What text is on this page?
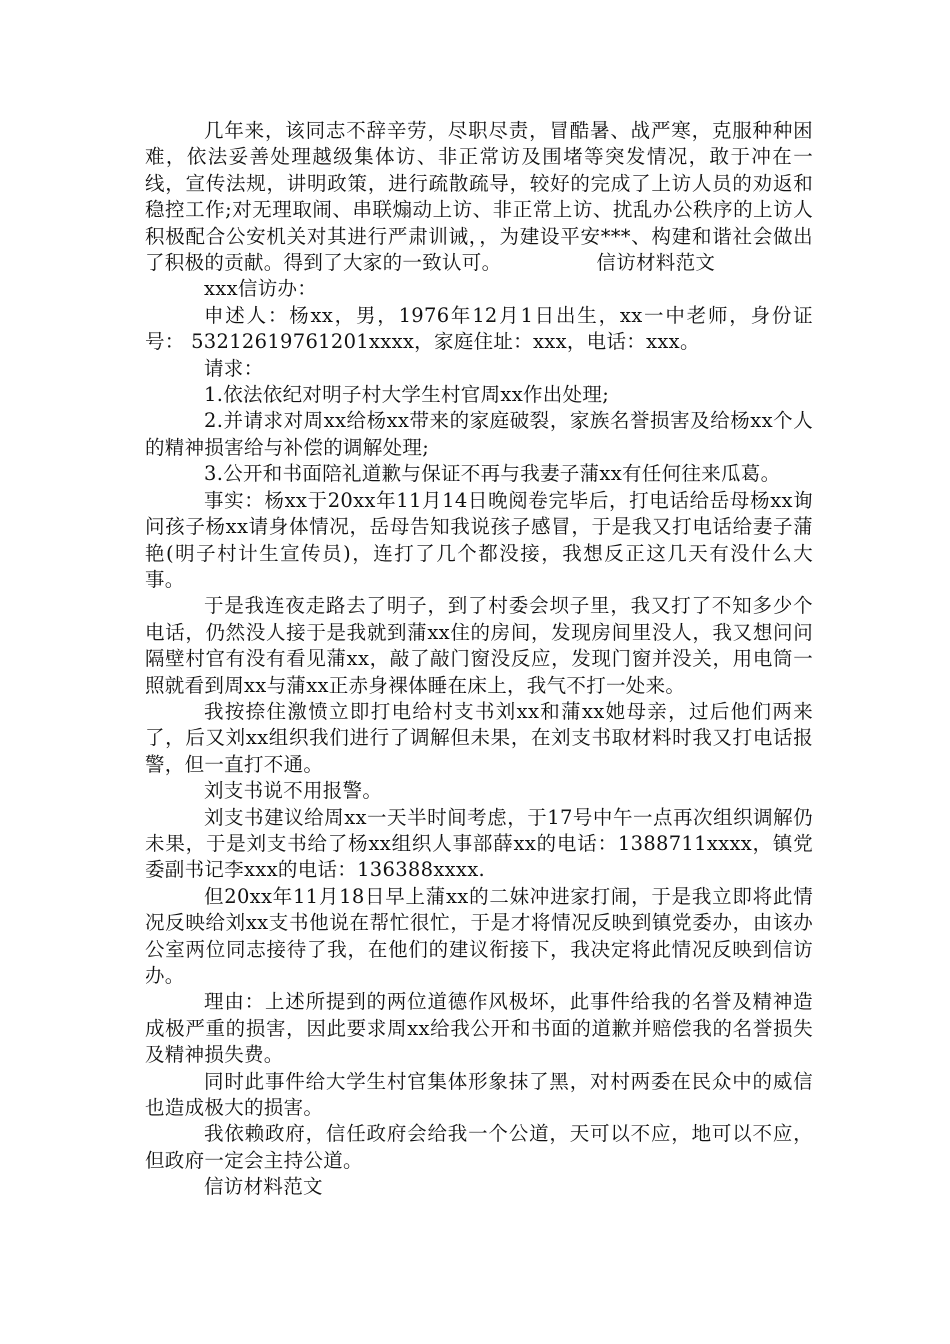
几年来，该同志不辞辛劳，尽职尽责，冒酷暑、战严寒，克服种种困难，依法妥善处理越级集体访、非正常访及围堵等突发情况，敢于冲在一线，宣传法规，讲明政策，进行疏散疏导，较好的完成了上访人员的劝返和稳控工作;对无理取闹、串联煽动上访、非正常上访、扰乱办公秩序的上访人积极配合公安机关对其进行严肃训诫，，为建设平安***、构建和谐社会做出了积极的贡献。得到了大家的一致认可。	信访材料范文

xxx信访办：

申述人：杨xx，男，1976年12月1日出生，xx一中老师，身份证号： 53212619761201xxxx，家庭住址：xxx，电话：xxx。

请求：

1.依法依纪对明子村大学生村官周xx作出处理;

2.并请求对周xx给杨xx带来的家庭破裂，家族名誉损害及给杨xx个人的精神损害给与补偿的调解处理;

3.公开和书面陪礼道歉与保证不再与我妻子蒲xx有任何往来瓜葛。

事实：杨xx于20xx年11月14日晚阅卷完毕后，打电话给岳母杨xx询问孩子杨xx请身体情况，岳母告知我说孩子感冒，于是我又打电话给妻子蒲艳(明子村计生宣传员)，连打了几个都没接，我想反正这几天有没什么大事。

于是我连夜走路去了明子，到了村委会坝子里，我又打了不知多少个电话，仍然没人接于是我就到蒲xx住的房间，发现房间里没人，我又想问问隔壁村官有没有看见蒲xx，敲了敲门窗没反应，发现门窗并没关，用电筒一照就看到周xx与蒲xx正赤身裸体睡在床上，我气不打一处来。

我按捺住激愤立即打电给村支书刘xx和蒲xx她母亲，过后他们两来了，后又刘xx组织我们进行了调解但未果，在刘支书取材料时我又打电话报警，但一直打不通。

刘支书说不用报警。

刘支书建议给周xx一天半时间考虑，于17号中午一点再次组织调解仍未果，于是刘支书给了杨xx组织人事部薛xx的电话：1388711xxxx，镇党委副书记李xxx的电话：136388xxxx.

但20xx年11月18日早上蒲xx的二妹冲进家打闹，于是我立即将此情况反映给刘xx支书他说在帮忙很忙，于是才将情况反映到镇党委办，由该办公室两位同志接待了我，在他们的建议衔接下，我决定将此情况反映到信访办。

理由：上述所提到的两位道德作风极坏，此事件给我的名誉及精神造成极严重的损害，因此要求周xx给我公开和书面的道歉并赔偿我的名誉损失及精神损失费。

同时此事件给大学生村官集体形象抹了黑，对村两委在民众中的威信也造成极大的损害。

我依赖政府，信任政府会给我一个公道，天可以不应，地可以不应，但政府一定会主持公道。

信访材料范文
